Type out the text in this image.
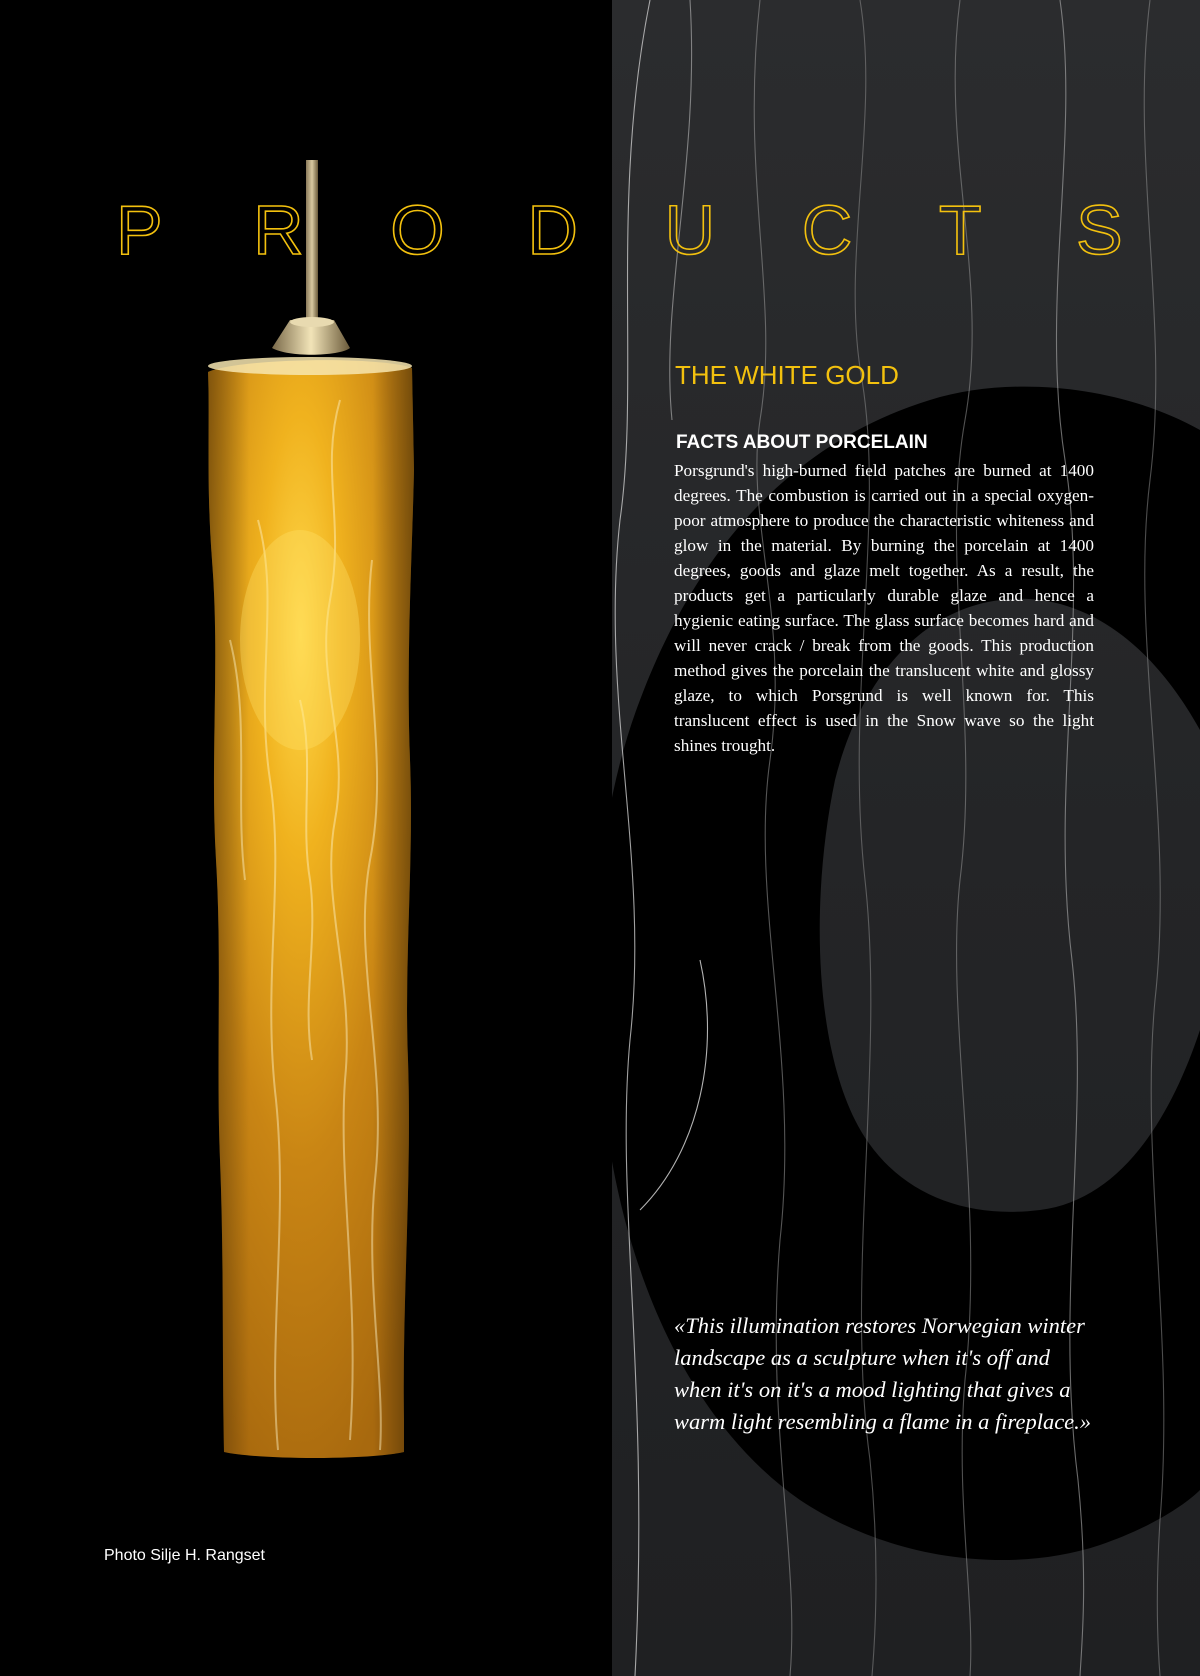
P R O D U C T S
THE WHITE GOLD
FACTS ABOUT PORCELAIN

Porsgrund's high-burned field patches are burned at 1400 degrees. The combustion is carried out in a special oxygen-poor atmosphere to produce the characteristic whiteness and glow in the material. By burning the porcelain at 1400 degrees, goods and glaze melt together. As a result, the products get a particularly durable glaze and hence a hygienic eating surface. The glass surface becomes hard and will never crack / break from the goods. This production method gives the porcelain the translucent white and glossy glaze, to which Porsgrund is well known for. This translucent effect is used in the Snow wave so the light shines trought.

«This illumination restores Norwegian winter landscape as a sculpture when it's off and when it's on it's a mood lighting that gives a warm light resembling a flame in a fireplace.»

Photo Silje H. Rangset
